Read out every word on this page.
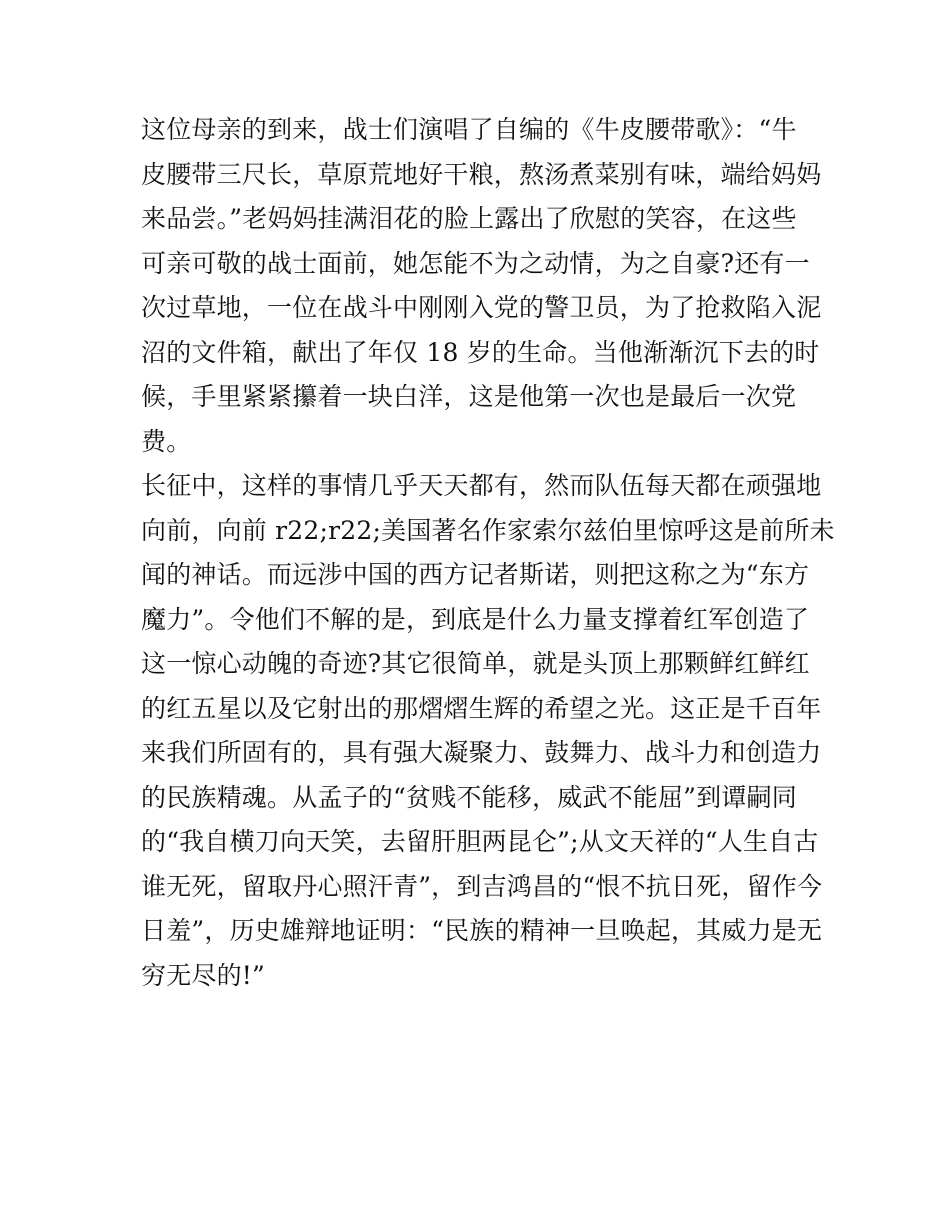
这位母亲的到来，战士们演唱了自编的《牛皮腰带歌》：“牛
皮腰带三尺长，草原荒地好干粮，熬汤煮菜别有味，端给妈妈
来品尝。”老妈妈挂满泪花的脸上露出了欣慰的笑容，在这些
可亲可敬的战士面前，她怎能不为之动情，为之自豪?还有一
次过草地，一位在战斗中刚刚入党的警卫员，为了抢救陷入泥
沼的文件箱，献出了年仅 18 岁的生命。当他渐渐沉下去的时
候，手里紧紧攥着一块白洋，这是他第一次也是最后一次党
费。
长征中，这样的事情几乎天天都有，然而队伍每天都在顽强地
向前，向前 r22;r22;美国著名作家索尔兹伯里惊呼这是前所未
闻的神话。而远涉中国的西方记者斯诺，则把这称之为“东方
魔力”。令他们不解的是，到底是什么力量支撑着红军创造了
这一惊心动魄的奇迹?其它很简单，就是头顶上那颗鲜红鲜红
的红五星以及它射出的那熠熠生辉的希望之光。这正是千百年
来我们所固有的，具有强大凝聚力、鼓舞力、战斗力和创造力
的民族精魂。从孟子的“贫贱不能移，威武不能屈”到谭嗣同
的“我自横刀向天笑，去留肝胆两昆仑”;从文天祥的“人生自古
谁无死，留取丹心照汗青”，到吉鸿昌的“恨不抗日死，留作今
日羞”，历史雄辩地证明：“民族的精神一旦唤起，其威力是无
穷无尽的!”
